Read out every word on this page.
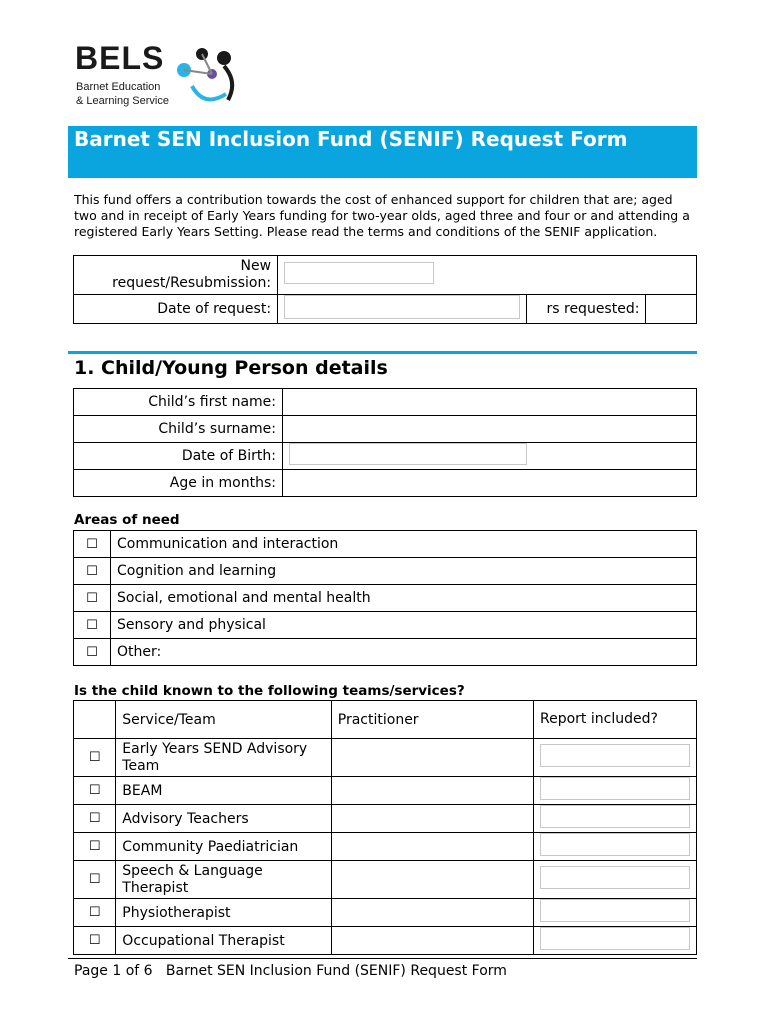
BELS
Barnet Education
& Learning Service
Barnet SEN Inclusion Fund (SENIF) Request Form
This fund offers a contribution towards the cost of enhanced support for children that are; aged two and in receipt of Early Years funding for two-year olds, aged three and four or and attending a registered Early Years Setting. Please read the terms and conditions of the SENIF application.
New request/Resubmission:			
Date of request:		rs requested:	
1. Child/Young Person details
Child’s first name:	
Child’s surname:	
Date of Birth:	
Age in months:	
Areas of need
☐	Communication and interaction
☐	Cognition and learning
☐	Social, emotional and mental health
☐	Sensory and physical
☐	Other:
Is the child known to the following teams/services?
	Service/Team	Practitioner	Report included?
☐	Early Years SEND Advisory Team		
☐	BEAM		
☐	Advisory Teachers		
☐	Community Paediatrician		
☐	Speech & Language Therapist		
☐	Physiotherapist		
☐	Occupational Therapist		
Page 1 of 6   Barnet SEN Inclusion Fund (SENIF) Request Form
